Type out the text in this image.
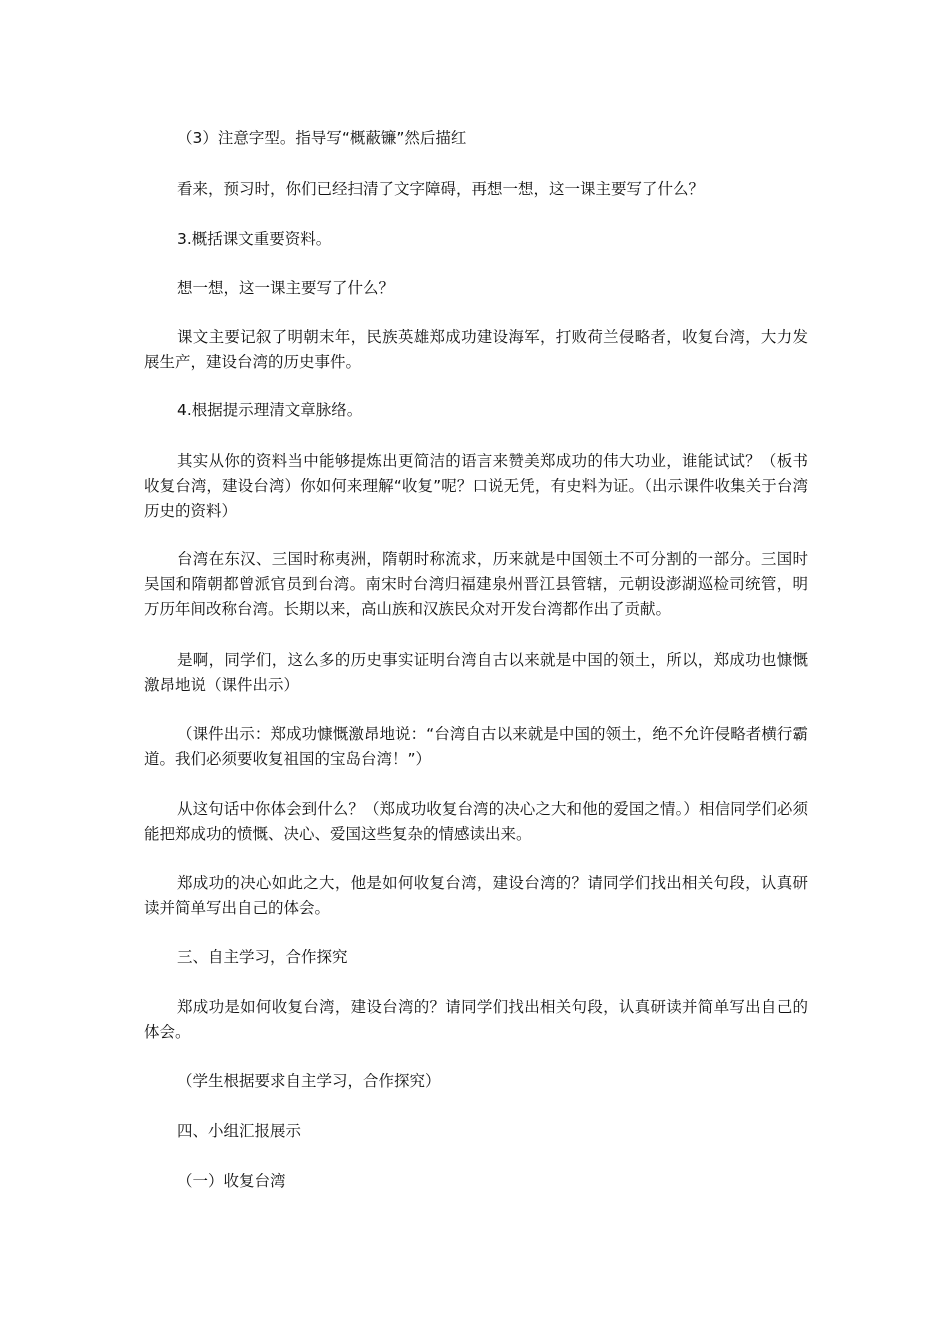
（3）注意字型。指导写“概蔽镰”然后描红

看来，预习时，你们已经扫清了文字障碍，再想一想，这一课主要写了什么？

3.概括课文重要资料。

想一想，这一课主要写了什么？

课文主要记叙了明朝末年，民族英雄郑成功建设海军，打败荷兰侵略者，收复台湾，大力发展生产，建设台湾的历史事件。

4.根据提示理清文章脉络。

其实从你的资料当中能够提炼出更简洁的语言来赞美郑成功的伟大功业，谁能试试？（板书收复台湾，建设台湾）你如何来理解“收复”呢？口说无凭，有史料为证。（出示课件收集关于台湾历史的资料）

台湾在东汉、三国时称夷洲，隋朝时称流求，历来就是中国领土不可分割的一部分。三国时吴国和隋朝都曾派官员到台湾。南宋时台湾归福建泉州晋江县管辖，元朝设澎湖巡检司统管，明万历年间改称台湾。长期以来，高山族和汉族民众对开发台湾都作出了贡献。

是啊，同学们，这么多的历史事实证明台湾自古以来就是中国的领土，所以，郑成功也慷慨激昂地说（课件出示）

（课件出示：郑成功慷慨激昂地说：“台湾自古以来就是中国的领土，绝不允许侵略者横行霸道。我们必须要收复祖国的宝岛台湾！”）

从这句话中你体会到什么？（郑成功收复台湾的决心之大和他的爱国之情。）相信同学们必须能把郑成功的愤慨、决心、爱国这些复杂的情感读出来。

郑成功的决心如此之大，他是如何收复台湾，建设台湾的？请同学们找出相关句段，认真研读并简单写出自己的体会。

三、自主学习，合作探究

郑成功是如何收复台湾，建设台湾的？请同学们找出相关句段，认真研读并简单写出自己的体会。

（学生根据要求自主学习，合作探究）

四、小组汇报展示

（一）收复台湾
